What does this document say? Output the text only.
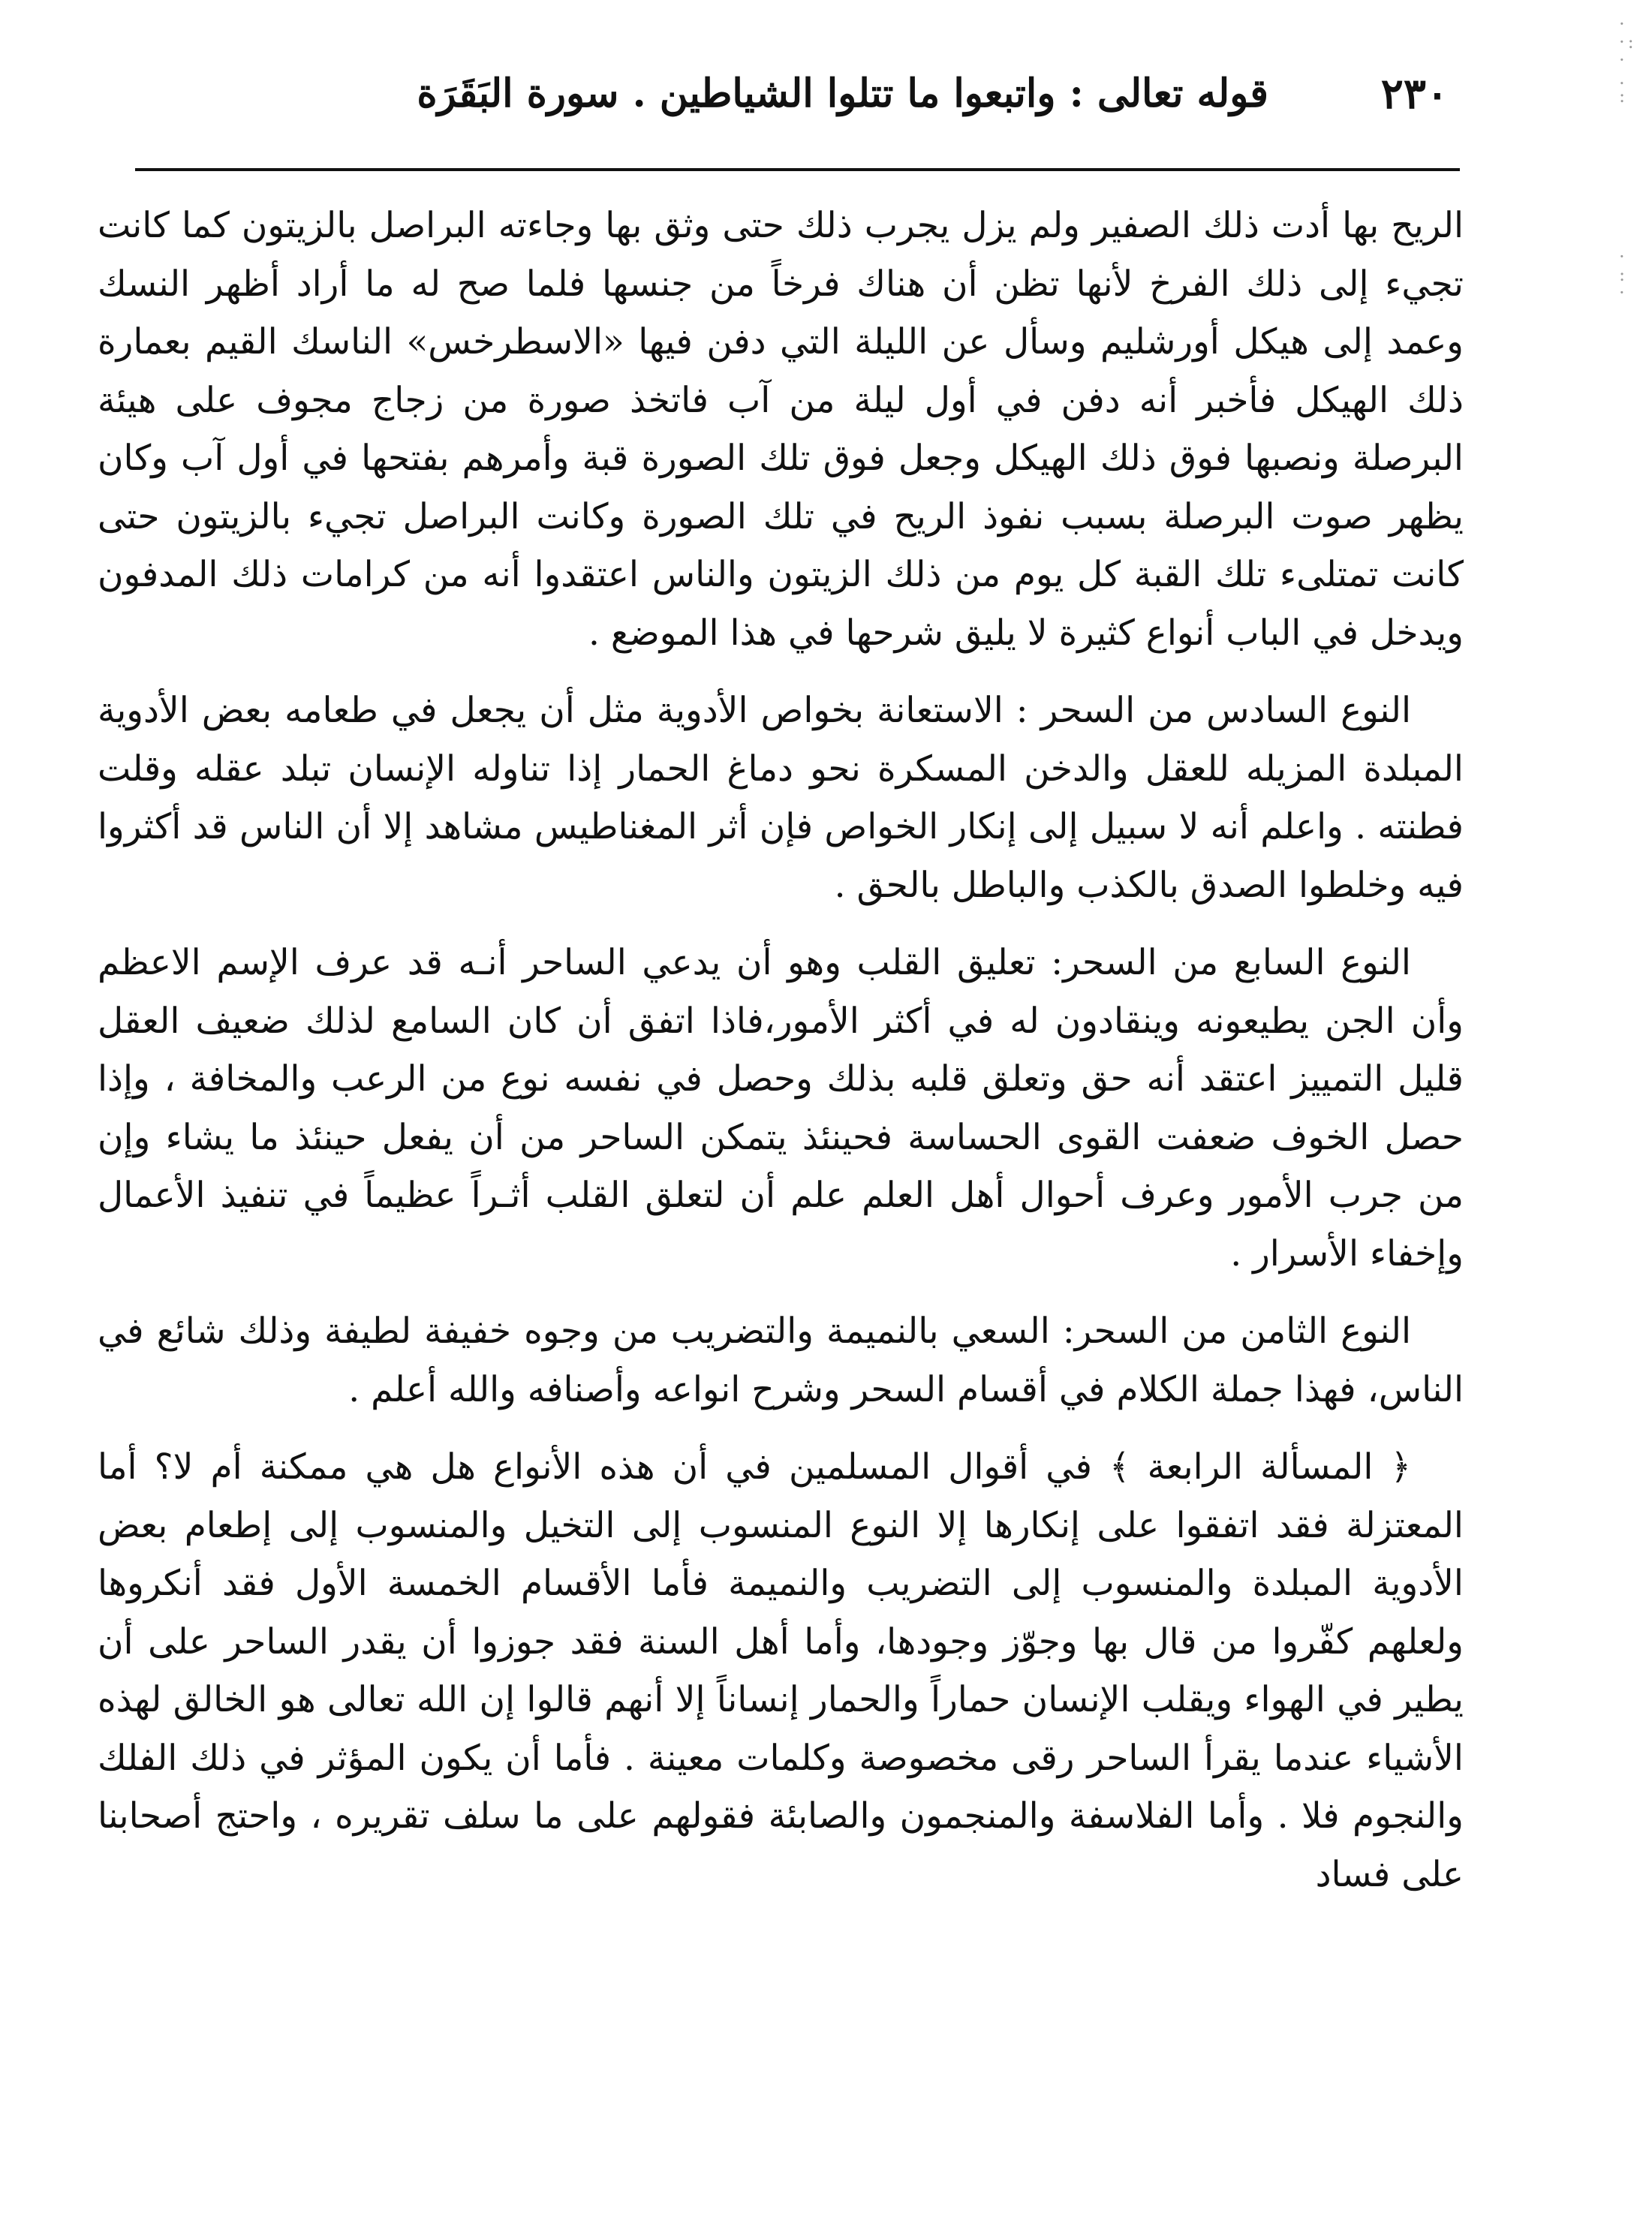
٢٣٠
قوله تعالى : واتبعوا ما تتلوا الشياطين . سورة البَقَرَة

الريح بها أدت ذلك الصفير ولم يزل يجرب ذلك حتى وثق بها وجاءته البراصل بالزيتون كما كانت تجيء إلى ذلك الفرخ لأنها تظن أن هناك فرخاً من جنسها فلما صح له ما أراد أظهر النسك وعمد إلى هيكل أورشليم وسأل عن الليلة التي دفن فيها «الاسطرخس» الناسك القيم بعمارة ذلك الهيكل فأخبر أنه دفن في أول ليلة من آب فاتخذ صورة من زجاج مجوف على هيئة البرصلة ونصبها فوق ذلك الهيكل وجعل فوق تلك الصورة قبة وأمرهم بفتحها في أول آب وكان يظهر صوت البرصلة بسبب نفوذ الريح في تلك الصورة وكانت البراصل تجيء بالزيتون حتى كانت تمتلىء تلك القبة كل يوم من ذلك الزيتون والناس اعتقدوا أنه من كرامات ذلك المدفون ويدخل في الباب أنواع كثيرة لا يليق شرحها في هذا الموضع .

النوع السادس من السحر : الاستعانة بخواص الأدوية مثل أن يجعل في طعامه بعض الأدوية المبلدة المزيله للعقل والدخن المسكرة نحو دماغ الحمار إذا تناوله الإنسان تبلد عقله وقلت فطنته . واعلم أنه لا سبيل إلى إنكار الخواص فإن أثر المغناطيس مشاهد إلا أن الناس قد أكثروا فيه وخلطوا الصدق بالكذب والباطل بالحق .

النوع السابع من السحر: تعليق القلب وهو أن يدعي الساحر أنـه قد عرف الإسم الاعظم وأن الجن يطيعونه وينقادون له في أكثر الأمور،فاذا اتفق أن كان السامع لذلك ضعيف العقل قليل التمييز اعتقد أنه حق وتعلق قلبه بذلك وحصل في نفسه نوع من الرعب والمخافة ، وإذا حصل الخوف ضعفت القوى الحساسة فحينئذ يتمكن الساحر من أن يفعل حينئذ ما يشاء وإن من جرب الأمور وعرف أحوال أهل العلم علم أن لتعلق القلب أثـراً عظيماً في تنفيذ الأعمال وإخفاء الأسرار .

النوع الثامن من السحر: السعي بالنميمة والتضريب من وجوه خفيفة لطيفة وذلك شائع في الناس، فهذا جملة الكلام في أقسام السحر وشرح انواعه وأصنافه والله أعلم .

﴿ المسألة الرابعة ﴾ في أقوال المسلمين في أن هذه الأنواع هل هي ممكنة أم لا؟ أما المعتزلة فقد اتفقوا على إنكارها إلا النوع المنسوب إلى التخيل والمنسوب إلى إطعام بعض الأدوية المبلدة والمنسوب إلى التضريب والنميمة فأما الأقسام الخمسة الأول فقد أنكروها ولعلهم كفّروا من قال بها وجوّز وجودها، وأما أهل السنة فقد جوزوا أن يقدر الساحر على أن يطير في الهواء ويقلب الإنسان حماراً والحمار إنساناً إلا أنهم قالوا إن الله تعالى هو الخالق لهذه الأشياء عندما يقرأ الساحر رقى مخصوصة وكلمات معينة . فأما أن يكون المؤثر في ذلك الفلك والنجوم فلا . وأما الفلاسفة والمنجمون والصابئة فقولهم على ما سلف تقريره ، واحتج أصحابنا على فساد

·
·:
·
.
:
·
:
·
